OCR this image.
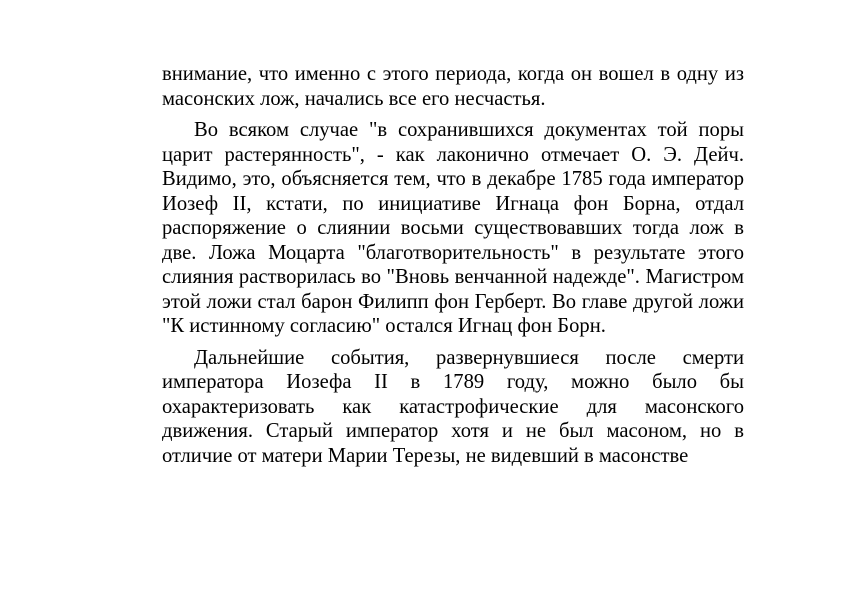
внимание, что именно с этого периода, когда он вошел в одну из масонских лож, начались все его несчастья.

Во всяком случае "в сохранившихся документах той поры царит растерянность", - как лаконично отмечает О. Э. Дейч. Видимо, это, объясняется тем, что в декабре 1785 года император Иозеф II, кстати, по инициативе Игнаца фон Борна, отдал распоряжение о слиянии восьми существовавших тогда лож в две. Ложа Моцарта "благотворительность" в результате этого слияния растворилась во "Вновь венчанной надежде". Магистром этой ложи стал барон Филипп фон Герберт. Во главе другой ложи "К истинному согласию" остался Игнац фон Борн.

Дальнейшие события, развернувшиеся после смерти императора Иозефа II в 1789 году, можно было бы охарактеризовать как катастрофические для масонского движения. Старый император хотя и не был масоном, но в отличие от матери Марии Терезы, не видевший в масонстве
